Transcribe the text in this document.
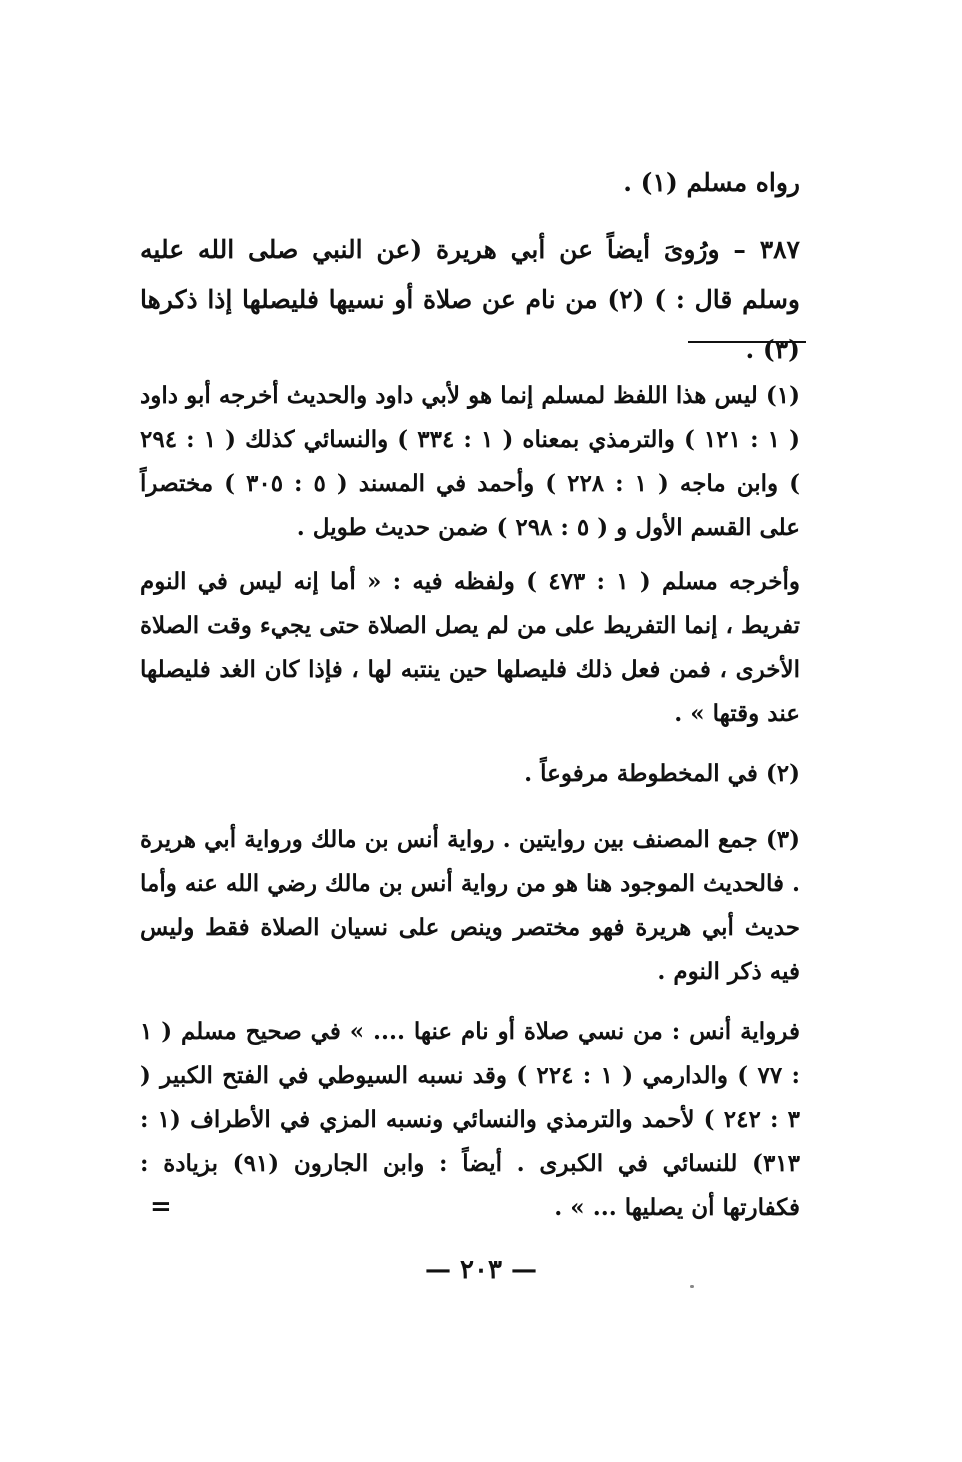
رواه مسلم (١) .

٣٨٧ – ورُوىَ أيضاً عن أبي هريرة (عن النبي صلى الله عليه وسلم قال : ) (٢) من نام عن صلاة أو نسيها فليصلها إذا ذكرها (٣) .

(١) ليس هذا اللفظ لمسلم إنما هو لأبي داود والحديث أخرجه أبو داود ( ١ : ١٢١ ) والترمذي بمعناه ( ١ : ٣٣٤ ) والنسائي كذلك ( ١ : ٢٩٤ ) وابن ماجه ( ١ : ٢٢٨ ) وأحمد في المسند ( ٥ : ٣٠٥ ) مختصراً على القسم الأول و ( ٥ : ٢٩٨ ) ضمن حديث طويل .

وأخرجه مسلم ( ١ : ٤٧٣ ) ولفظه فيه : « أما إنه ليس في النوم تفريط ، إنما التفريط على من لم يصل الصلاة حتى يجيء وقت الصلاة الأخرى ، فمن فعل ذلك فليصلها حين ينتبه لها ، فإذا كان الغد فليصلها عند وقتها » .

(٢) في المخطوطة مرفوعاً .

(٣) جمع المصنف بين روايتين . رواية أنس بن مالك ورواية أبي هريرة . فالحديث الموجود هنا هو من رواية أنس بن مالك رضي الله عنه وأما حديث أبي هريرة فهو مختصر وينص على نسيان الصلاة فقط وليس فيه ذكر النوم .

فرواية أنس : من نسي صلاة أو نام عنها .... » في صحيح مسلم ( ١ : ٧٧ ) والدارمي ( ١ : ٢٢٤ ) وقد نسبه السيوطي في الفتح الكبير ( ٣ : ٢٤٢ ) لأحمد والترمذي والنسائي ونسبه المزي في الأطراف (١ : ٣١٣) للنسائي في الكبرى . أيضاً : وابن الجارون (٩١) بزيادة : فكفارتها أن يصليها ... » .

=
— ٢٠٣ —
